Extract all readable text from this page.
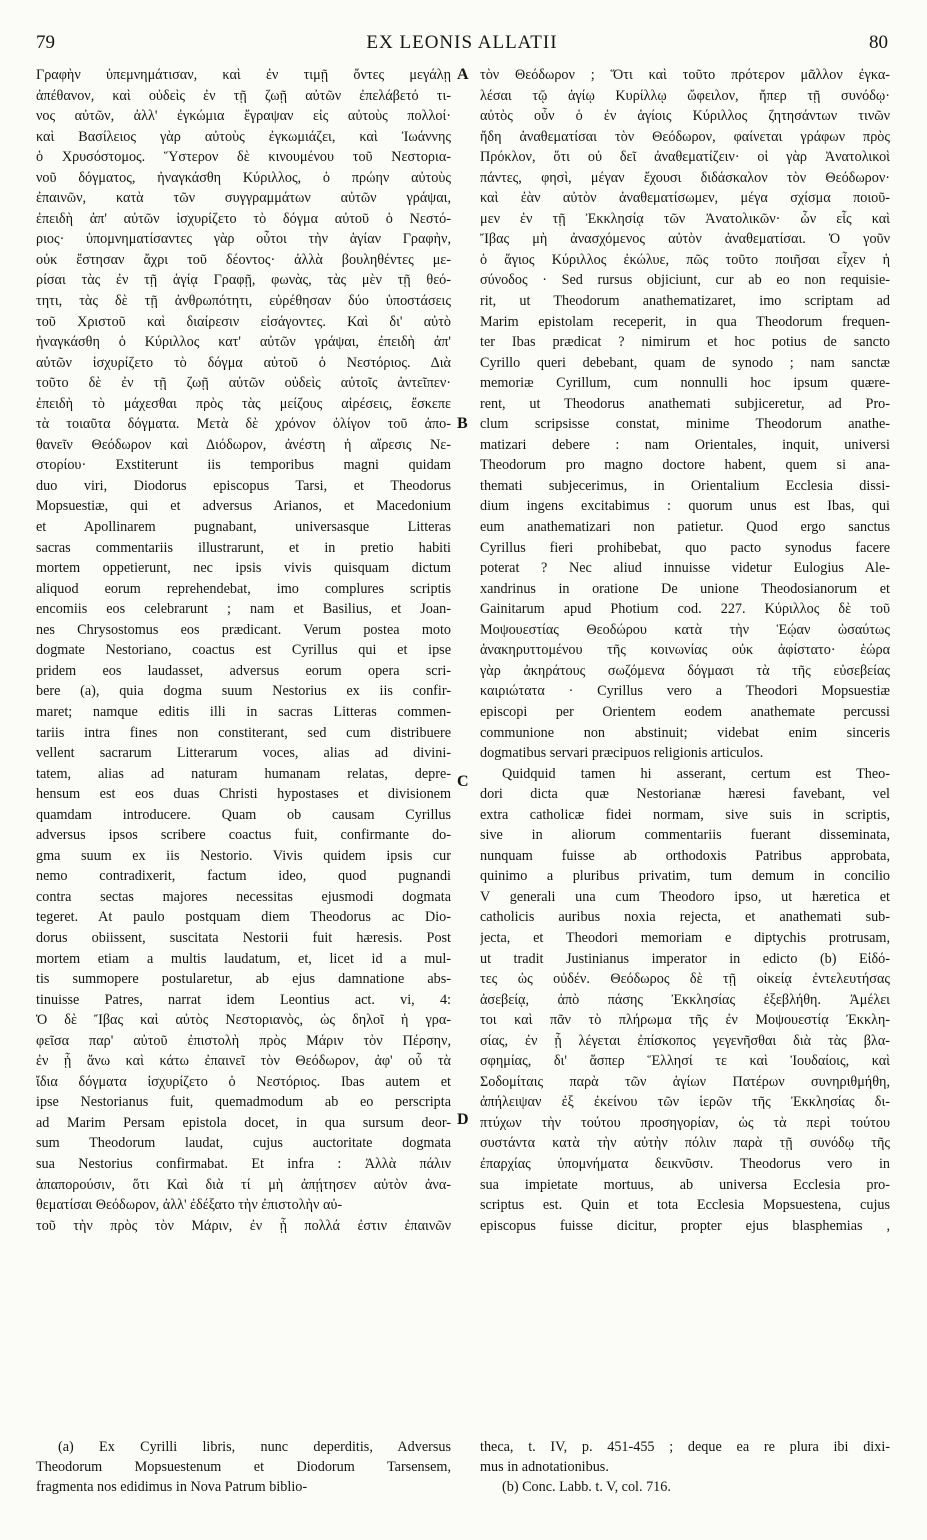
79	EX LEONIS ALLATII	80
Γραφὴν ὑπεμνημάτισαν, καὶ ἐν τιμῇ ὄντες μεγάλῃ
ἀπέθανον, καὶ οὐδεὶς ἐν τῇ ζωῇ αὐτῶν ἐπελάβετό τι-
νος αὐτῶν, ἀλλ' ἐγκώμια ἔγραψαν εἰς αὐτοὺς πολλοί·
καὶ Βασίλειος γὰρ αὐτοὺς ἐγκωμιάζει, καὶ Ἰωάννης
ὁ Χρυσόστομος. Ὕστερον δὲ κινουμένου τοῦ Νεστορια-
νοῦ δόγματος, ἠναγκάσθη Κύριλλος, ὁ πρώην αὐτοὺς
ἐπαινῶν, κατὰ τῶν συγγραμμάτων αὐτῶν γράψαι,
ἐπειδὴ ἀπ' αὐτῶν ἰσχυρίζετο τὸ δόγμα αὐτοῦ ὁ Νεστό-
ριος· ὑπομνηματίσαντες γὰρ οὗτοι τὴν ἁγίαν Γραφὴν,
οὐκ ἔστησαν ἄχρι τοῦ δέοντος· ἀλλὰ βουληθέντες με-
ρίσαι τὰς ἐν τῇ ἁγίᾳ Γραφῇ, φωνὰς, τὰς μὲν τῇ θεό-
τητι, τὰς δὲ τῇ ἀνθρωπότητι, εὑρέθησαν δύο ὑποστάσεις
τοῦ Χριστοῦ καὶ διαίρεσιν εἰσάγοντες. Καὶ δι' αὐτὸ
ἠναγκάσθη ὁ Κύριλλος κατ' αὐτῶν γράψαι, ἐπειδὴ ἀπ'
αὐτῶν ἰσχυρίζετο τὸ δόγμα αὐτοῦ ὁ Νεστόριος. Διὰ
τοῦτο δὲ ἐν τῇ ζωῇ αὐτῶν οὐδεὶς αὐτοῖς ἀντεῖπεν·
ἐπειδὴ τὸ μάχεσθαι πρὸς τὰς μείζους αἱρέσεις, ἔσκεπε
τὰ τοιαῦτα δόγματα. Μετὰ δὲ χρόνον ὀλίγον τοῦ ἀπο-
θανεῖν Θεόδωρον καὶ Διόδωρον, ἀνέστη ἡ αἵρεσις Νε-
στορίου· Exstiterunt iis temporibus magni quidam
duo viri, Diodorus episcopus Tarsi, et Theodorus
Mopsuestiæ, qui et adversus Arianos, et Macedonium
et Apollinarem pugnabant, universasque Litteras
sacras commentariis illustrarunt, et in pretio habiti
mortem oppetierunt, nec ipsis vivis quisquam dictum
aliquod eorum reprehendebat, imo complures scriptis
encomiis eos celebrarunt ; nam et Basilius, et Joan-
nes Chrysostomus eos prædicant. Verum postea moto
dogmate Nestoriano, coactus est Cyrillus qui et ipse
pridem eos laudasset, adversus eorum opera scri-
bere (a), quia dogma suum Nestorius ex iis confir-
maret; namque editis illi in sacras Litteras commen-
tariis intra fines non constiterant, sed cum distribuere
vellent sacrarum Litterarum voces, alias ad divini-
tatem, alias ad naturam humanam relatas, depre-
hensum est eos duas Christi hypostases et divisionem
quamdam introducere. Quam ob causam Cyrillus
adversus ipsos scribere coactus fuit, confirmante do-
gma suum ex iis Nestorio. Vivis quidem ipsis cur
nemo contradixerit, factum ideo, quod pugnandi
contra sectas majores necessitas ejusmodi dogmata
tegeret. At paulo postquam diem Theodorus ac Dio-
dorus obiissent, suscitata Nestorii fuit hæresis. Post
mortem etiam a multis laudatum, et, licet id a mul-
tis summopere postularetur, ab ejus damnatione abs-
tinuisse Patres, narrat idem Leontius act. vi, 4:
Ὁ δὲ Ἴβας καὶ αὐτὸς Νεστοριανὸς, ὡς δηλοῖ ἡ γρα-
φεῖσα παρ' αὐτοῦ ἐπιστολὴ πρὸς Μάριν τὸν Πέρσην,
ἐν ᾗ ἄνω καὶ κάτω ἐπαινεῖ τὸν Θεόδωρον, ἀφ' οὗ τὰ
ἴδια δόγματα ἰσχυρίζετο ὁ Νεστόριος. Ibas autem et
ipse Nestorianus fuit, quemadmodum ab eo perscripta
ad Marim Persam epistola docet, in qua sursum deor-
sum Theodorum laudat, cujus auctoritate dogmata
sua Nestorius confirmabat. Et infra : Ἀλλὰ πάλιν
ἀπαπορούσιν, ὅτι Καὶ διὰ τί μὴ ἀπῄτησεν αὐτὸν ἀνα-
θεματίσαι Θεόδωρον, ἀλλ' ἐδέξατο τὴν ἐπιστολὴν αὐ-
τοῦ τὴν πρὸς τὸν Μάριν, ἐν ᾗ πολλά ἐστιν ἐπαινῶν
τὸν Θεόδωρον ; Ὅτι καὶ τοῦτο πρότερον μᾶλλον ἐγκα-
λέσαι τῷ ἁγίῳ Κυρίλλῳ ὤφειλον, ἤπερ τῇ συνόδῳ·
αὐτὸς οὖν ὁ ἐν ἁγίοις Κύριλλος ζητησάντων τινῶν
ἤδη ἀναθεματίσαι τὸν Θεόδωρον, φαίνεται γράφων πρὸς
Πρόκλον, ὅτι οὐ δεῖ ἀναθεματίζειν· οἱ γὰρ Ἀνατολικοὶ
πάντες, φησὶ, μέγαν ἔχουσι διδάσκαλον τὸν Θεόδωρον·
καὶ ἐὰν αὐτὸν ἀναθεματίσωμεν, μέγα σχίσμα ποιοῦ-
μεν ἐν τῇ Ἐκκλησίᾳ τῶν Ἀνατολικῶν· ὧν εἷς καὶ
Ἴβας μὴ ἀνασχόμενος αὐτὸν ἀναθεματίσαι. Ὁ γοῦν
ὁ ἅγιος Κύριλλος ἐκώλυε, πῶς τοῦτο ποιῆσαι εἶχεν ἡ
σύνοδος · Sed rursus objiciunt, cur ab eo non requisie-
rit, ut Theodorum anathematizaret, imo scriptam ad
Marim epistolam receperit, in qua Theodorum frequen-
ter Ibas prædicat ? nimirum et hoc potius de sancto
Cyrillo queri debebant, quam de synodo ; nam sanctæ
memoriæ Cyrillum, cum nonnulli hoc ipsum quære-
rent, ut Theodorus anathemati subjiceretur, ad Pro-
clum scripsisse constat, minime Theodorum anathe-
matizari debere : nam Orientales, inquit, universi
Theodorum pro magno doctore habent, quem si ana-
themati subjecerimus, in Orientalium Ecclesia dissi-
dium ingens excitabimus : quorum unus est Ibas, qui
eum anathematizari non patietur. Quod ergo sanctus
Cyrillus fieri prohibebat, quo pacto synodus facere
poterat ? Nec aliud innuisse videtur Eulogius Ale-
xandrinus in oratione De unione Theodosianorum et
Gainitarum apud Photium cod. 227. Κύριλλος δὲ τοῦ
Μοψουεστίας Θεοδώρου κατὰ τὴν Ἑῴαν ὡσαύτως
ἀνακηρυττομένου τῆς κοινωνίας οὐκ ἀφίστατο· ἑώρα
γὰρ ἀκηράτους σωζόμενα δόγμασι τὰ τῆς εὐσεβείας
καιριώτατα · Cyrillus vero a Theodori Mopsuestiæ
episcopi per Orientem eodem anathemate percussi
communione non abstinuit; videbat enim sinceris
dogmatibus servari præcipuos religionis articulos.
Quidquid tamen hi asserant, certum est Theo-
dori dicta quæ Nestorianæ hæresi favebant, vel
extra catholicæ fidei normam, sive suis in scriptis,
sive in aliorum commentariis fuerant disseminata,
nunquam fuisse ab orthodoxis Patribus approbata,
quinimo a pluribus privatim, tum demum in concilio
V generali una cum Theodoro ipso, ut hæretica et
catholicis auribus noxia rejecta, et anathemati sub-
jecta, et Theodori memoriam e diptychis protrusam,
ut tradit Justinianus imperator in edicto (b) Εἰδό-
τες ὡς οὐδέν. Θεόδωρος δὲ τῇ οἰκείᾳ ἐντελευτήσας
ἀσεβείᾳ, ἀπὸ πάσης Ἐκκλησίας ἐξεβλήθη. Ἀμέλει
τοι καὶ πᾶν τὸ πλήρωμα τῆς ἐν Μοψουεστίᾳ Ἐκκλη-
σίας, ἐν ᾗ λέγεται ἐπίσκοπος γεγενῆσθαι διὰ τὰς βλα-
σφημίας, δι' ἅσπερ Ἕλλησί τε καὶ Ἰουδαίοις, καὶ
Σοδομίταις παρὰ τῶν ἁγίων Πατέρων συνηριθμήθη,
ἀπήλειψαν ἐξ ἐκείνου τῶν ἱερῶν τῆς Ἐκκλησίας δι-
πτύχων τὴν τούτου προσηγορίαν, ὡς τὰ περὶ τούτου
συστάντα κατὰ τὴν αὐτὴν πόλιν παρὰ τῇ συνόδῳ τῆς
ἐπαρχίας ὑπομνήματα δεικνῦσιν. Theodorus vero in
sua impietate mortuus, ab universa Ecclesia pro-
scriptus est. Quin et tota Ecclesia Mopsuestena, cujus
episcopus fuisse dicitur, propter ejus blasphemias ,
A
B
C
D
(a) Ex Cyrilli libris, nunc deperditis, Adversus
Theodorum Mopsuestenum et Diodorum Tarsensem,
fragmenta nos edidimus in Nova Patrum biblio-
theca, t. IV, p. 451-455 ; deque ea re plura ibi dixi-
mus in adnotationibus.
(b) Conc. Labb. t. V, col. 716.
